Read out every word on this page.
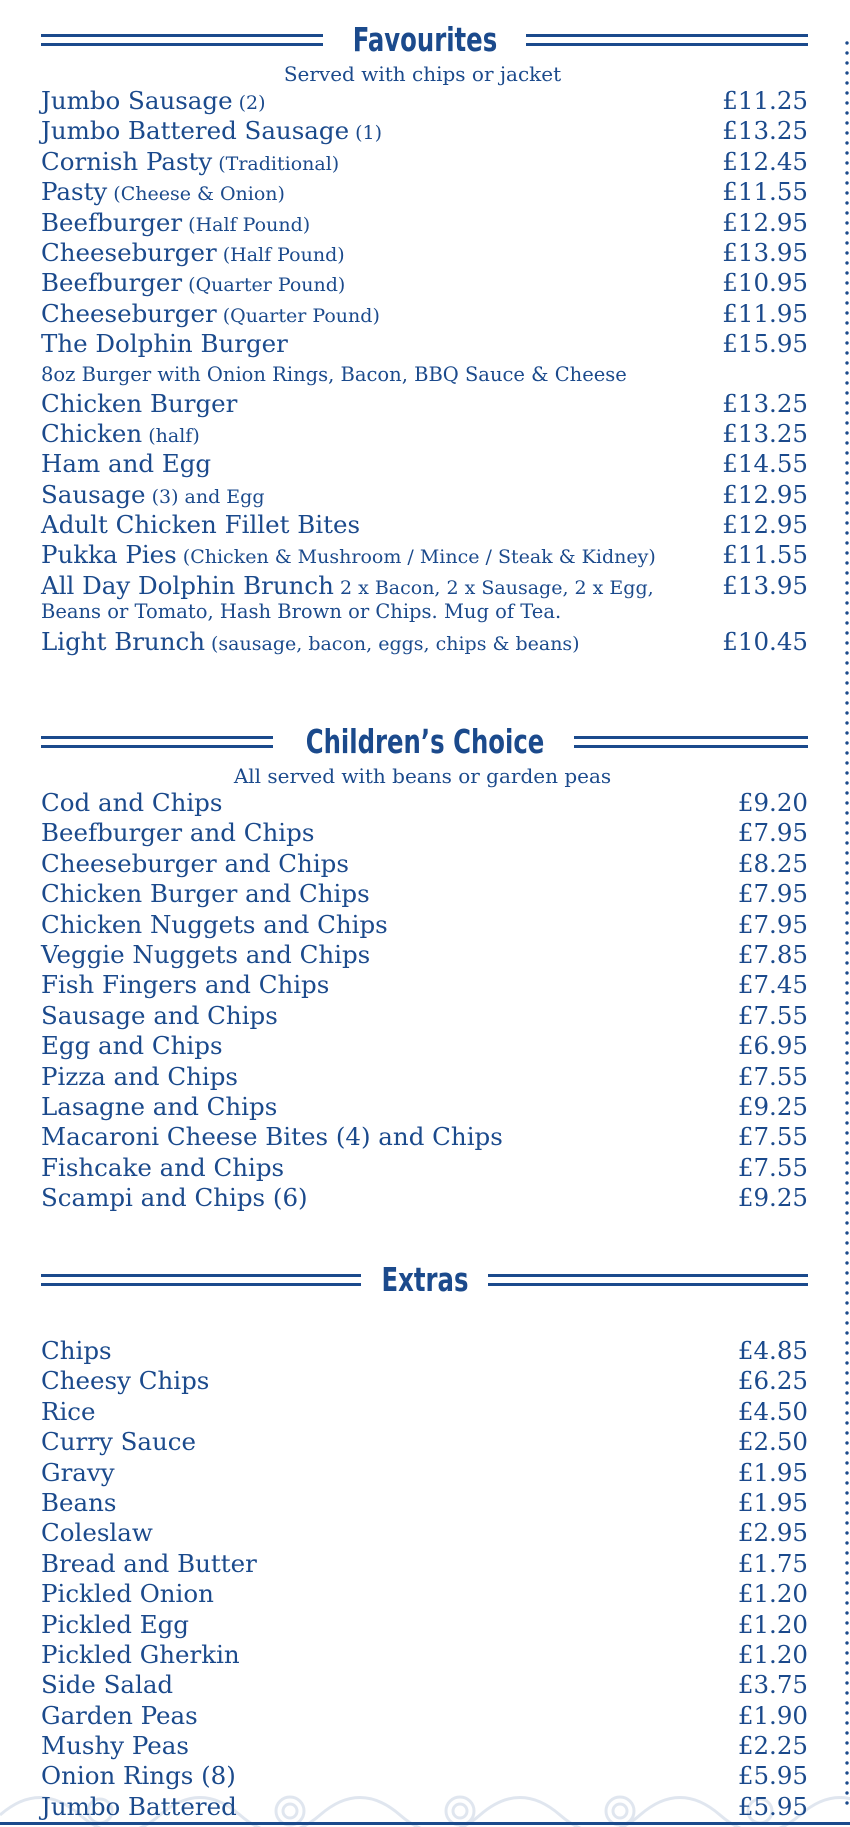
Favourites
Served with chips or jacket
Jumbo Sausage (2)	£11.25
Jumbo Battered Sausage (1)	£13.25
Cornish Pasty (Traditional)	£12.45
Pasty (Cheese & Onion)	£11.55
Beefburger (Half Pound)	£12.95
Cheeseburger (Half Pound)	£13.95
Beefburger (Quarter Pound)	£10.95
Cheeseburger (Quarter Pound)	£11.95
The Dolphin Burger	£15.95
8oz Burger with Onion Rings, Bacon, BBQ Sauce & Cheese
Chicken Burger	£13.25
Chicken (half)	£13.25
Ham and Egg	£14.55
Sausage (3) and Egg	£12.95
Adult Chicken Fillet Bites	£12.95
Pukka Pies (Chicken & Mushroom / Mince / Steak & Kidney)	£11.55
All Day Dolphin Brunch 2 x Bacon, 2 x Sausage, 2 x Egg,	£13.95
Beans or Tomato, Hash Brown or Chips. Mug of Tea.
Light Brunch (sausage, bacon, eggs, chips & beans)	£10.45
Children’s Choice
All served with beans or garden peas
Cod and Chips	£9.20
Beefburger and Chips	£7.95
Cheeseburger and Chips	£8.25
Chicken Burger and Chips	£7.95
Chicken Nuggets and Chips	£7.95
Veggie Nuggets and Chips	£7.85
Fish Fingers and Chips	£7.45
Sausage and Chips	£7.55
Egg and Chips	£6.95
Pizza and Chips	£7.55
Lasagne and Chips	£9.25
Macaroni Cheese Bites (4) and Chips	£7.55
Fishcake and Chips	£7.55
Scampi and Chips (6)	£9.25
Extras
Chips	£4.85
Cheesy Chips	£6.25
Rice	£4.50
Curry Sauce	£2.50
Gravy	£1.95
Beans	£1.95
Coleslaw	£2.95
Bread and Butter	£1.75
Pickled Onion	£1.20
Pickled Egg	£1.20
Pickled Gherkin	£1.20
Side Salad	£3.75
Garden Peas	£1.90
Mushy Peas	£2.25
Onion Rings (8)	£5.95
Jumbo Battered	£5.95
